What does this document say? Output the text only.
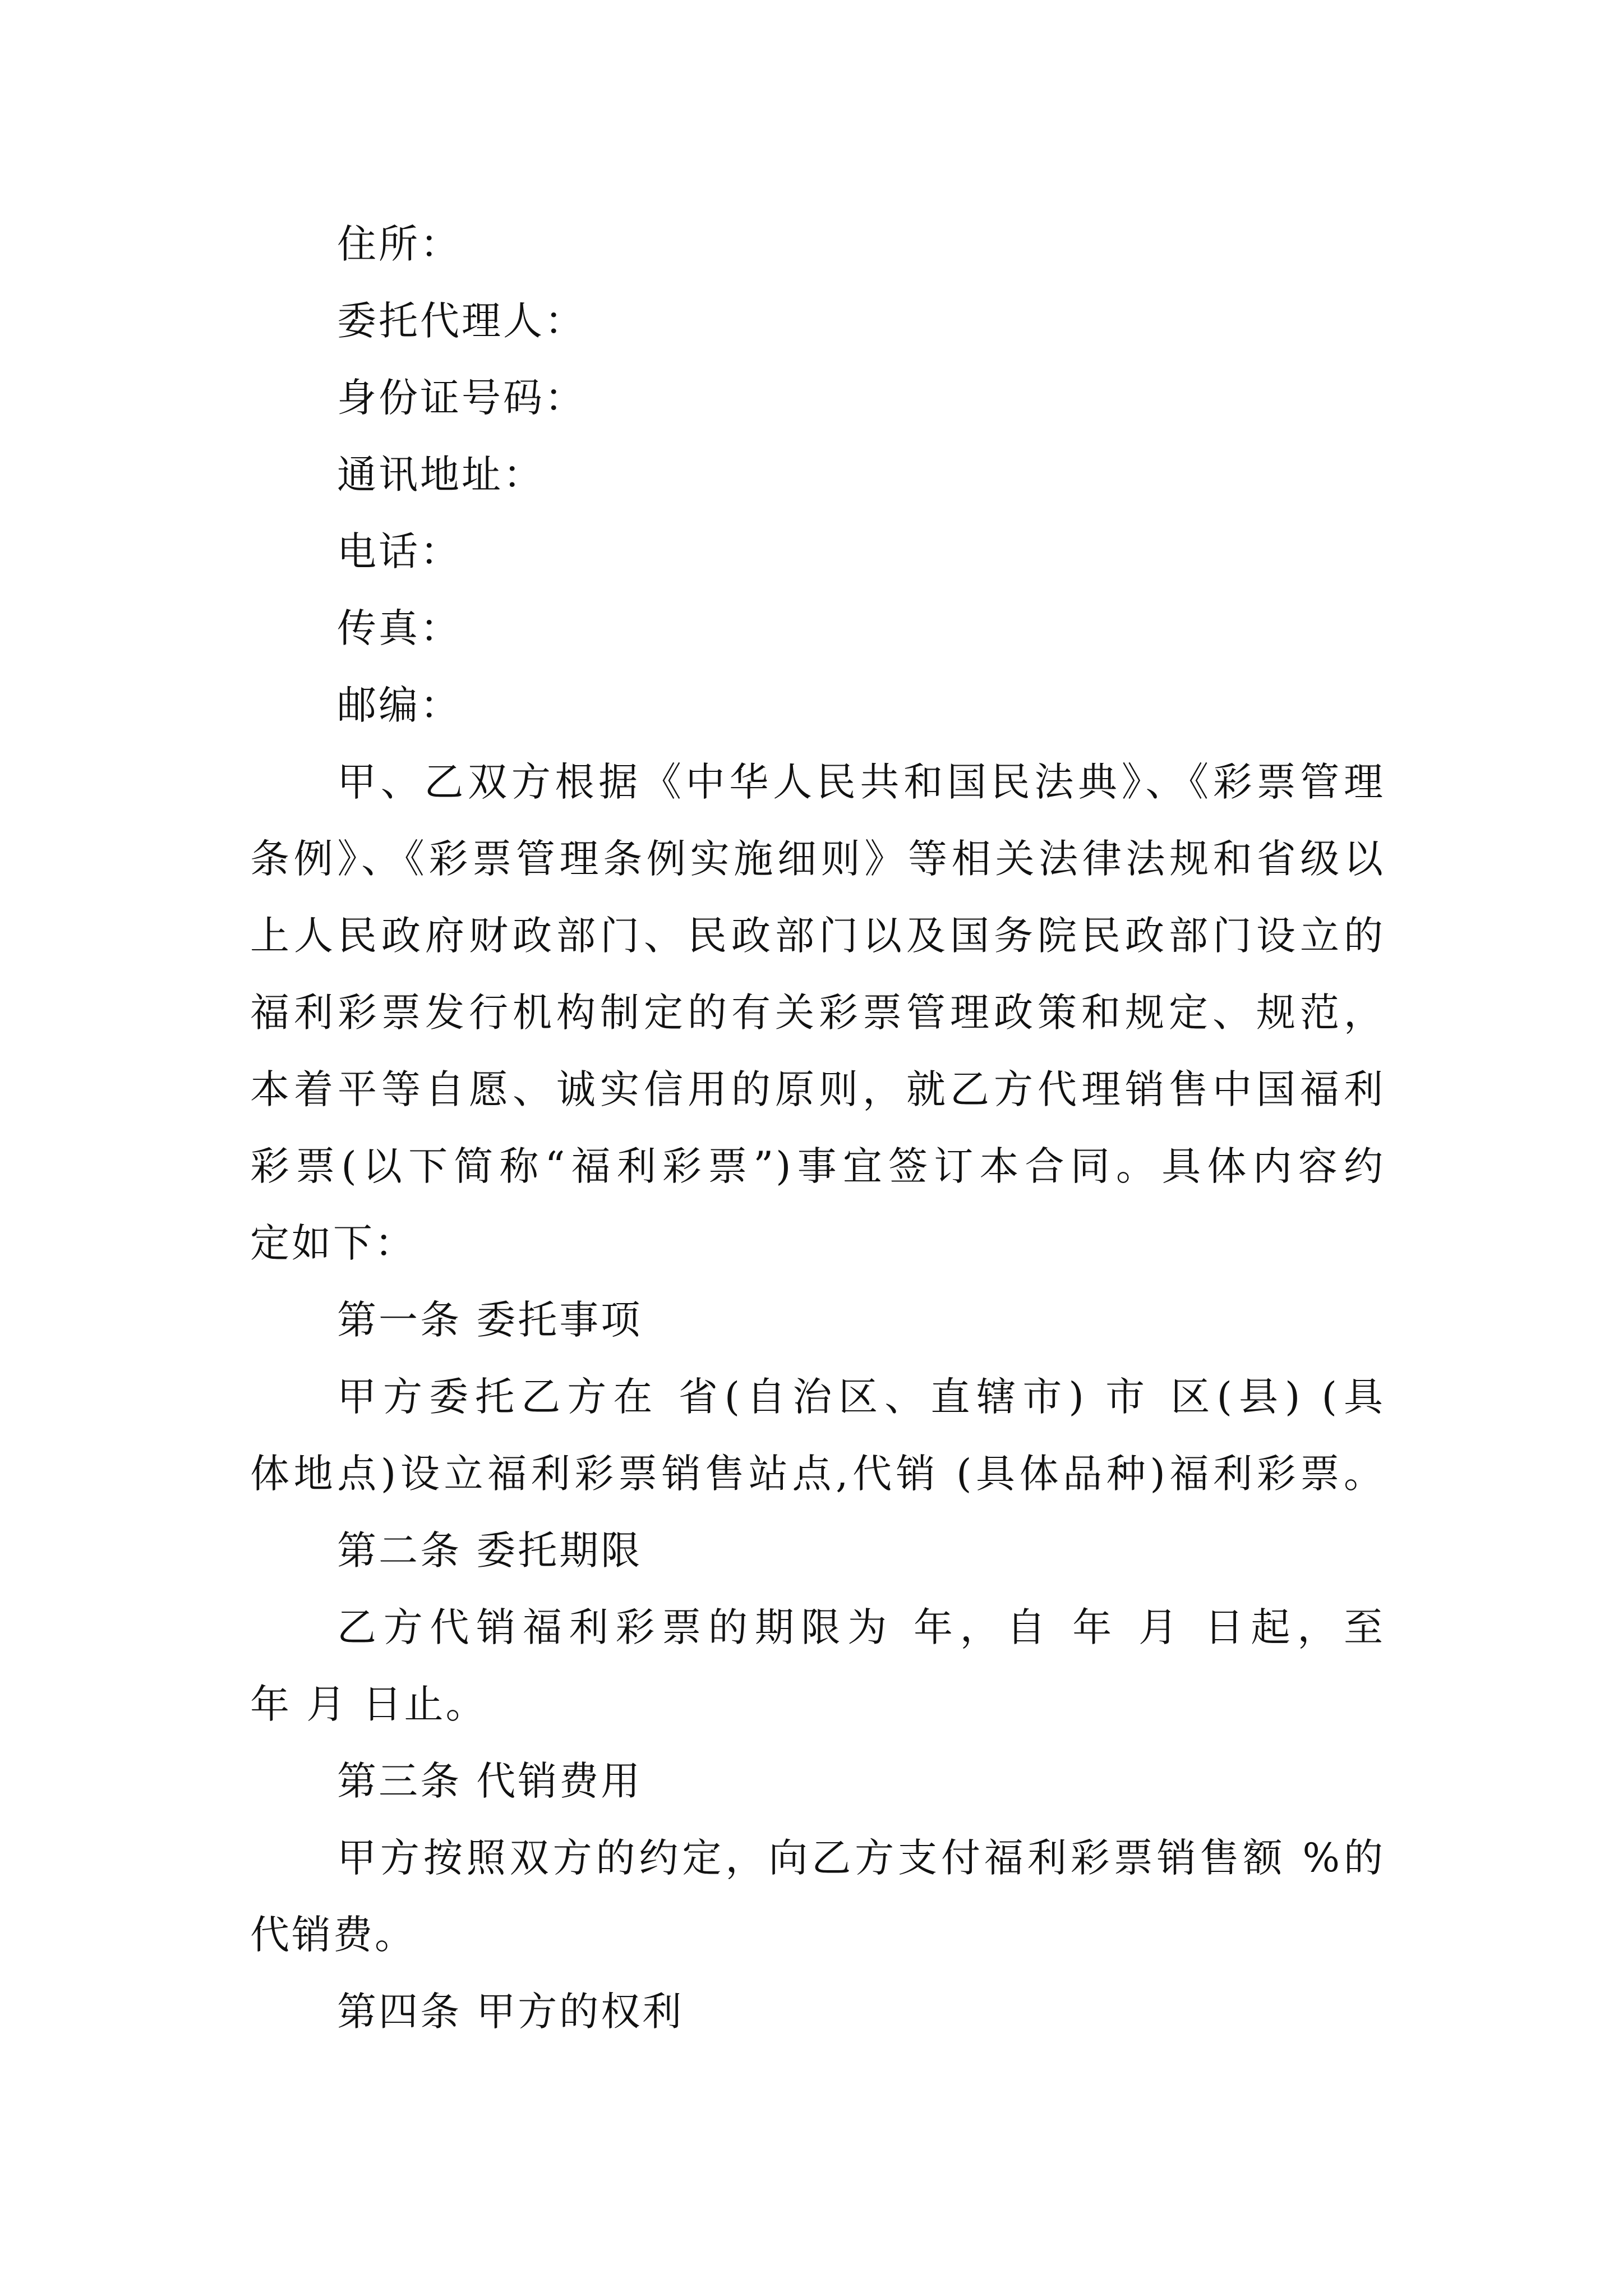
住所：
委托代理人：
身份证号码：
通讯地址：
电话：
传真：
邮编：
甲、乙双方根据《中华人民共和国民法典》、《彩票管理
条例》、《彩票管理条例实施细则》等相关法律法规和省级以
上人民政府财政部门、民政部门以及国务院民政部门设立的
福利彩票发行机构制定的有关彩票管理政策和规定、规范，
本着平等自愿、诚实信用的原则，就乙方代理销售中国福利
彩票(以下简称“福利彩票”)事宜签订本合同。具体内容约
定如下：
第一条 委托事项
甲方委托乙方在 省(自治区、直辖市) 市 区(县) (具
体地点)设立福利彩票销售站点,代销 (具体品种)福利彩票。
第二条 委托期限
乙方代销福利彩票的期限为 年，自 年 月 日起，至
年 月 日止。
第三条 代销费用
甲方按照双方的约定，向乙方支付福利彩票销售额 %的
代销费。
第四条 甲方的权利
